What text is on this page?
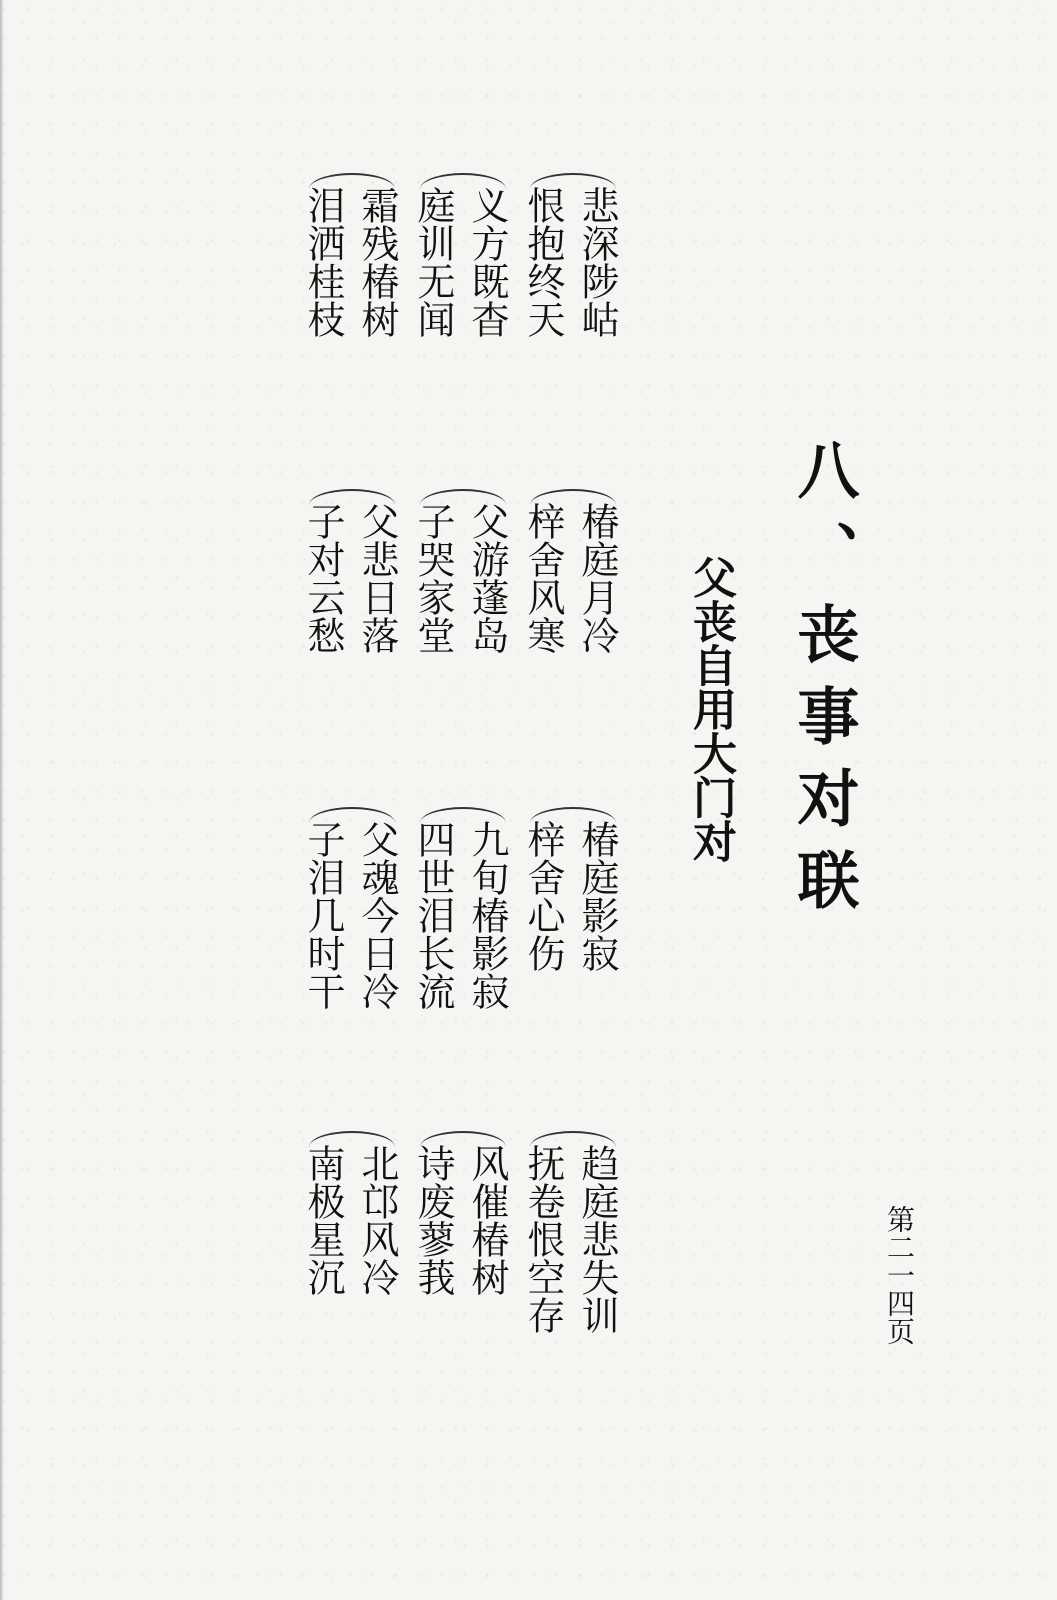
八、丧事对联
父丧自用大门对
悲深陟岵
恨抱终天
义方既杳
庭训无闻
霜残椿树
泪洒桂枝
椿庭月冷
梓舍风寒
父游蓬岛
子哭家堂
父悲日落
子对云愁
椿庭影寂
梓舍心伤
九旬椿影寂
四世泪长流
父魂今日冷
子泪几时干
趋庭悲失训
抚卷恨空存
风催椿树
诗废蓼莪
北邙风冷
南极星沉	第二一四页
